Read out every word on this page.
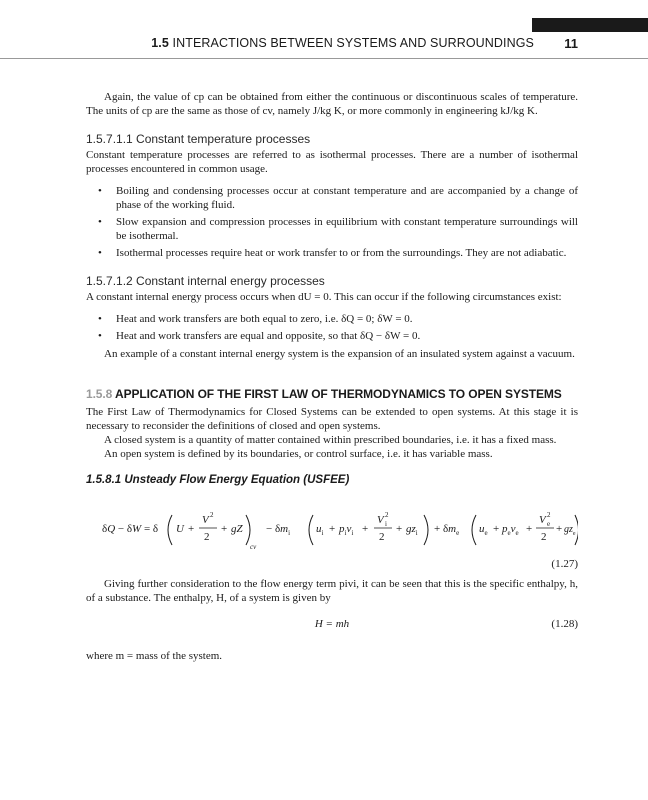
1.5 INTERACTIONS BETWEEN SYSTEMS AND SURROUNDINGS 11

Again, the value of cp can be obtained from either the continuous or discontinuous scales of temperature. The units of cp are the same as those of cv, namely J/kg K, or more commonly in engineering kJ/kg K.

1.5.7.1.1 Constant temperature processes

Constant temperature processes are referred to as isothermal processes. There are a number of isothermal processes encountered in common usage.

• Boiling and condensing processes occur at constant temperature and are accompanied by a change of phase of the working fluid.
• Slow expansion and compression processes in equilibrium with constant temperature surroundings will be isothermal.
• Isothermal processes require heat or work transfer to or from the surroundings. They are not adiabatic.
1.5.7.1.2 Constant internal energy processes

A constant internal energy process occurs when dU = 0. This can occur if the following circumstances exist:

• Heat and work transfers are both equal to zero, i.e. δQ = 0; δW = 0.
• Heat and work transfers are equal and opposite, so that δQ − δW = 0.

An example of a constant internal energy system is the expansion of an insulated system against a vacuum.

1.5.8 APPLICATION OF THE FIRST LAW OF THERMODYNAMICS TO OPEN SYSTEMS

The First Law of Thermodynamics for Closed Systems can be extended to open systems. At this stage it is necessary to reconsider the definitions of closed and open systems.

A closed system is a quantity of matter contained within prescribed boundaries, i.e. it has a fixed mass.

An open system is defined by its boundaries, or control surface, i.e. it has variable mass.

1.5.8.1 Unsteady Flow Energy Equation (USFEE)
δQ − δW = δ U +
V 2
2
+ gZ
cv
− $\delta m_i$ $u_i + p_iv_i$ +
V 2
i
2
+ $gz_i + \delta m_e$ $u_e + p_ev_e$ +
V 2
e
2
+ $gz_e$
(1.27)

Giving further consideration to the flow energy term pivi, it can be seen that this is the specific enthalpy, h, of a substance. The enthalpy, H, of a system is given by

H = mh	(1.28)

where m = mass of the system.
